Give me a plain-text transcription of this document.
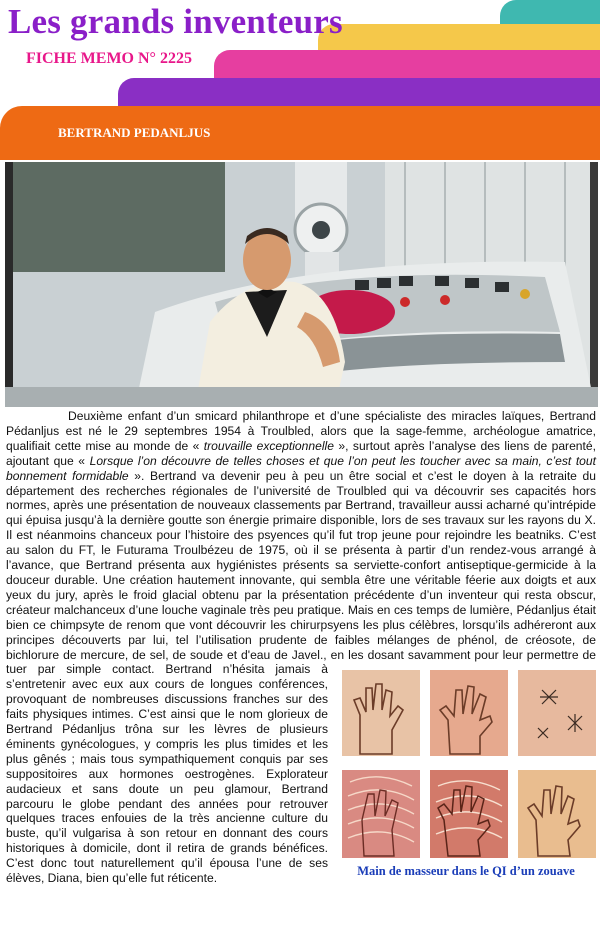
Les grands inventeurs
FICHE MEMO N° 2225
BERTRAND PEDANLJUS

Deuxième enfant d’un smicard philanthrope et d’une spécialiste des miracles laïques, Bertrand Pédanljus est né le 29 septembres 1954 à Troulbled, alors que la sage-femme, archéologue amatrice, qualifiait cette mise au monde de « trouvaille exceptionnelle », surtout après l’analyse des liens de parenté, ajoutant que « Lorsque l’on découvre de telles choses et que l’on peut les toucher avec sa main, c’est tout bonnement formidable ». Bertrand va devenir peu à peu un être social et c’est le doyen à la retraite du département des recherches régionales de l’université de Troulbled qui va découvrir ses capacités hors normes, après une présentation de nouveaux classements par Bertrand, travailleur aussi acharné qu’intrépide qui épuisa jusqu’à la dernière goutte son énergie primaire disponible, lors de ses travaux sur les rayons du X. Il est néanmoins chanceux pour l’histoire des psyences qu’il fut trop jeune pour rejoindre les beatniks. C’est au salon du FT, le Futurama Troulbézeu de 1975, où il se présenta à partir d’un rendez-vous arrangé à l’avance, que Bertrand présenta aux hygiénistes présents sa serviette-confort antiseptique-germicide à la douceur durable. Une création hautement innovante, qui sembla être une véritable féerie aux doigts et aux yeux du jury, après le froid glacial obtenu par la présentation précédente d’un inventeur qui resta obscur, créateur malchanceux d’une louche vaginale très peu pratique. Mais en ces temps de lumière, Pédanljus était bien ce chimpsyte de renom que vont découvrir les chirurpsyens les plus célèbres, lorsqu’ils adhéreront aux principes découverts par lui, tel l’utilisation prudente de faibles mélanges de phénol, de créosote, de bichlorure de mercure, de sel, de soude et d'eau de Javel., en les dosant savamment pour leur permettre de tuer par simple
Main de masseur dans le QI d’un zouave
contact. Bertrand n’hésita jamais à s’entretenir avec eux aux cours de longues conférences, provoquant de nombreuses discussions franches sur des faits physiques intimes. C’est ainsi que le nom glorieux de Bertrand Pédanljus trôna sur les lèvres de plusieurs éminents gynécologues, y compris les plus timides et les plus gênés ; mais tous sympathiquement conquis par ses suppositoires aux hormones oestrogènes. Explorateur audacieux et sans doute un peu glamour, Bertrand parcouru le globe pendant des années pour retrouver quelques traces enfouies de la très ancienne culture du buste, qu’il vulgarisa à son retour en donnant des cours historiques à domicile, dont il retira de grands bénéfices. C’est donc tout naturellement qu’il épousa l’une de ses élèves, Diana, bien qu’elle fut réticente.
